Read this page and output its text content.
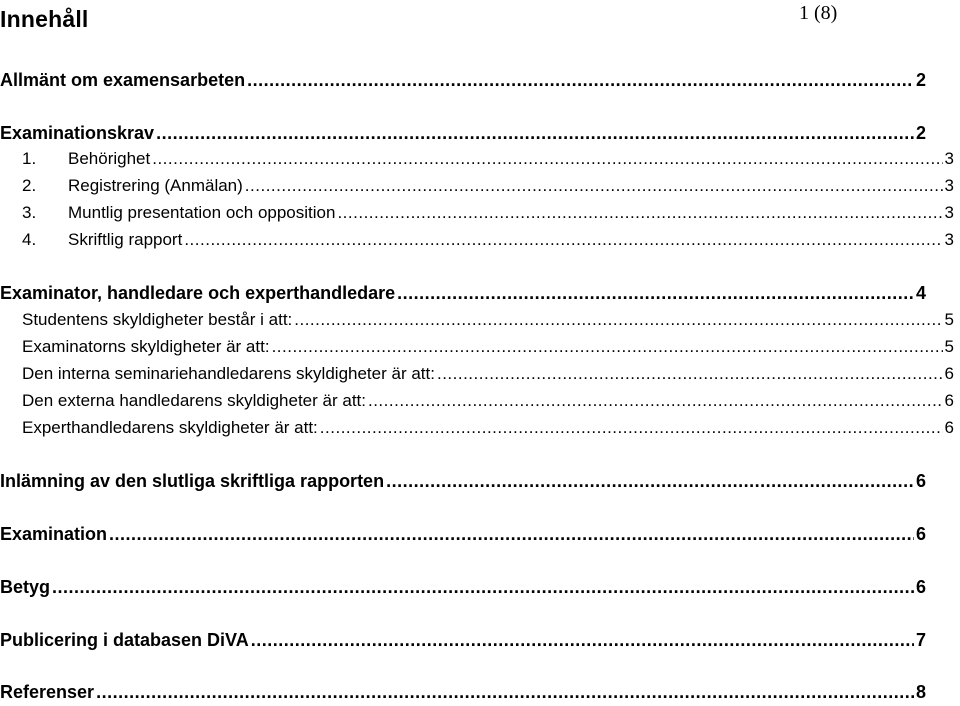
Innehåll	1 (8)
Allmänt om examensarbeten .....	2
Examinationskrav .....	2
1.	Behörighet .....	3
2.	Registrering (Anmälan) .....	3
3.	Muntlig presentation och opposition .....	3
4.	Skriftlig rapport .....	3
Examinator, handledare och experthandledare .....	4
Studentens skyldigheter består i att: .....	5
Examinatorns skyldigheter är att: .....	5
Den interna seminariehandledarens skyldigheter är att: .....	6
Den externa handledarens skyldigheter är att: .....	6
Experthandledarens skyldigheter är att: .....	6
Inlämning av den slutliga skriftliga rapporten .....	6
Examination .....	6
Betyg .....	6
Publicering i databasen DiVA .....	7
Referenser .....	8
